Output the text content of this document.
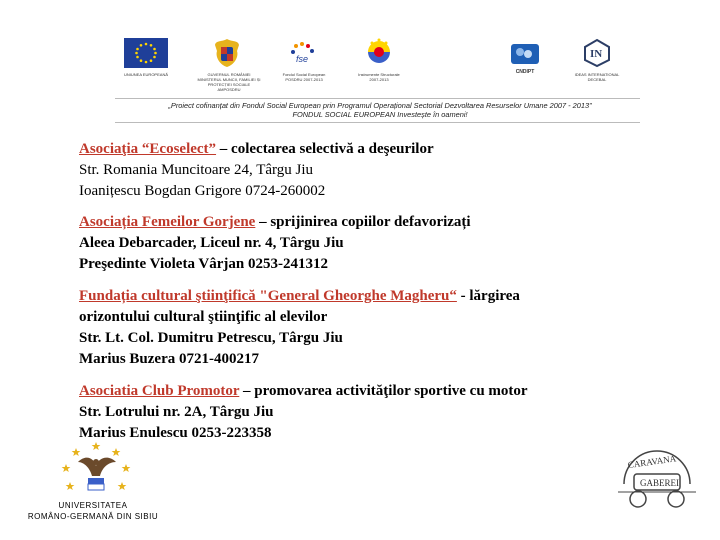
UNIUNEA EUROPEANĂ	GUVERNUL ROMÂNIEI
MINISTERUL MUNCII, FAMILIEI ȘI
PROTECȚIEI SOCIALE
AMPOSDRU
fse
Fondul Social European
POSDRU 2007-2013
Instrumente Structurale
2007-2013
CNDIPT
IN
IDEAS INTERNATIONAL DECEBAL
„Proiect cofinanțat din Fondul Social European prin Programul Operațional Sectorial Dezvoltarea Resurselor Umane 2007 - 2013”
FONDUL SOCIAL EUROPEAN Investește în oameni!
Asociaţia “Ecoselect” – colectarea selectivă a deşeurilor
Str. Romania Muncitoare 24, Târgu Jiu
Ioanițescu Bogdan Grigore 0724-260002
Asociația Femeilor Gorjene – sprijinirea copiilor defavorizați
Aleea Debarcader, Liceul nr. 4, Târgu Jiu
Preşedinte Violeta Vârjan 0253-241312
Fundația cultural ştiinţifică "General Gheorghe Magheru“ - lărgirea
orizontului cultural ştiinţific al elevilor
Str. Lt. Col. Dumitru Petrescu, Târgu Jiu
Marius Buzera 0721-400217
Asociatia Club Promotor – promovarea activităţilor sportive cu motor
Str. Lotrului nr. 2A, Târgu Jiu
Marius Enulescu 0253-223358
UNIVERSITATEA
ROMÂNO-GERMANĂ DIN SIBIU
CARAVANA
GABEREI
